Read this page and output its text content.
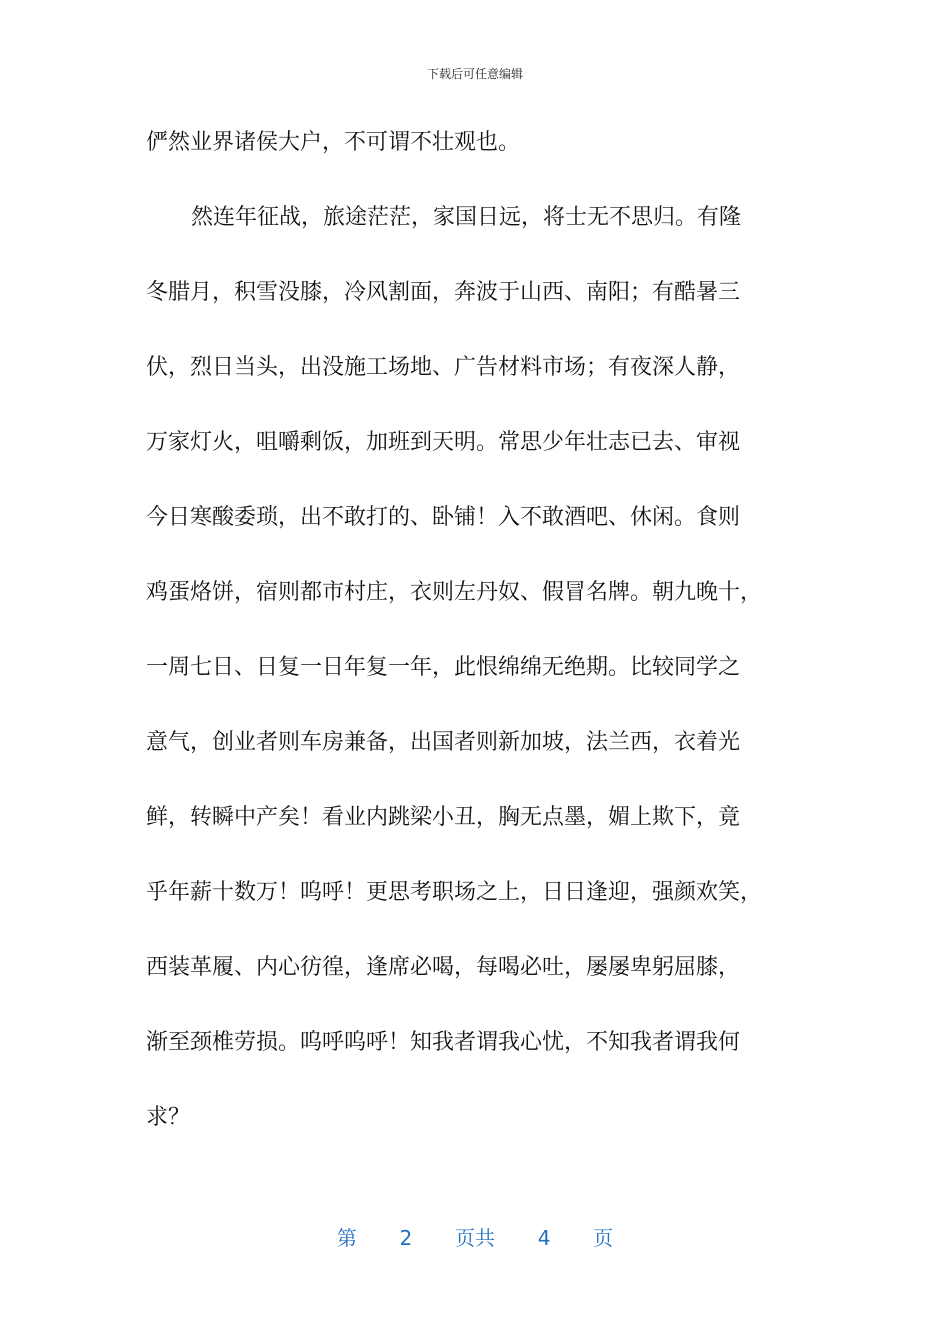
下载后可任意编辑
俨然业界诸侯大户，不可谓不壮观也。
然连年征战，旅途茫茫，家国日远，将士无不思归。有隆
冬腊月，积雪没膝，冷风割面，奔波于山西、南阳；有酷暑三
伏，烈日当头，出没施工场地、广告材料市场；有夜深人静，
万家灯火，咀嚼剩饭，加班到天明。常思少年壮志已去、审视
今日寒酸委琐，出不敢打的、卧铺！入不敢酒吧、休闲。食则
鸡蛋烙饼，宿则都市村庄，衣则左丹奴、假冒名牌。朝九晚十，
一周七日、日复一日年复一年，此恨绵绵无绝期。比较同学之
意气，创业者则车房兼备，出国者则新加坡，法兰西，衣着光
鲜，转瞬中产矣！看业内跳梁小丑，胸无点墨，媚上欺下，竟
乎年薪十数万！呜呼！更思考职场之上，日日逢迎，强颜欢笑，
西装革履、内心彷徨，逢席必喝，每喝必吐，屡屡卑躬屈膝，
渐至颈椎劳损。呜呼呜呼！知我者谓我心忧，不知我者谓我何
求？
第 2 页共 4 页
